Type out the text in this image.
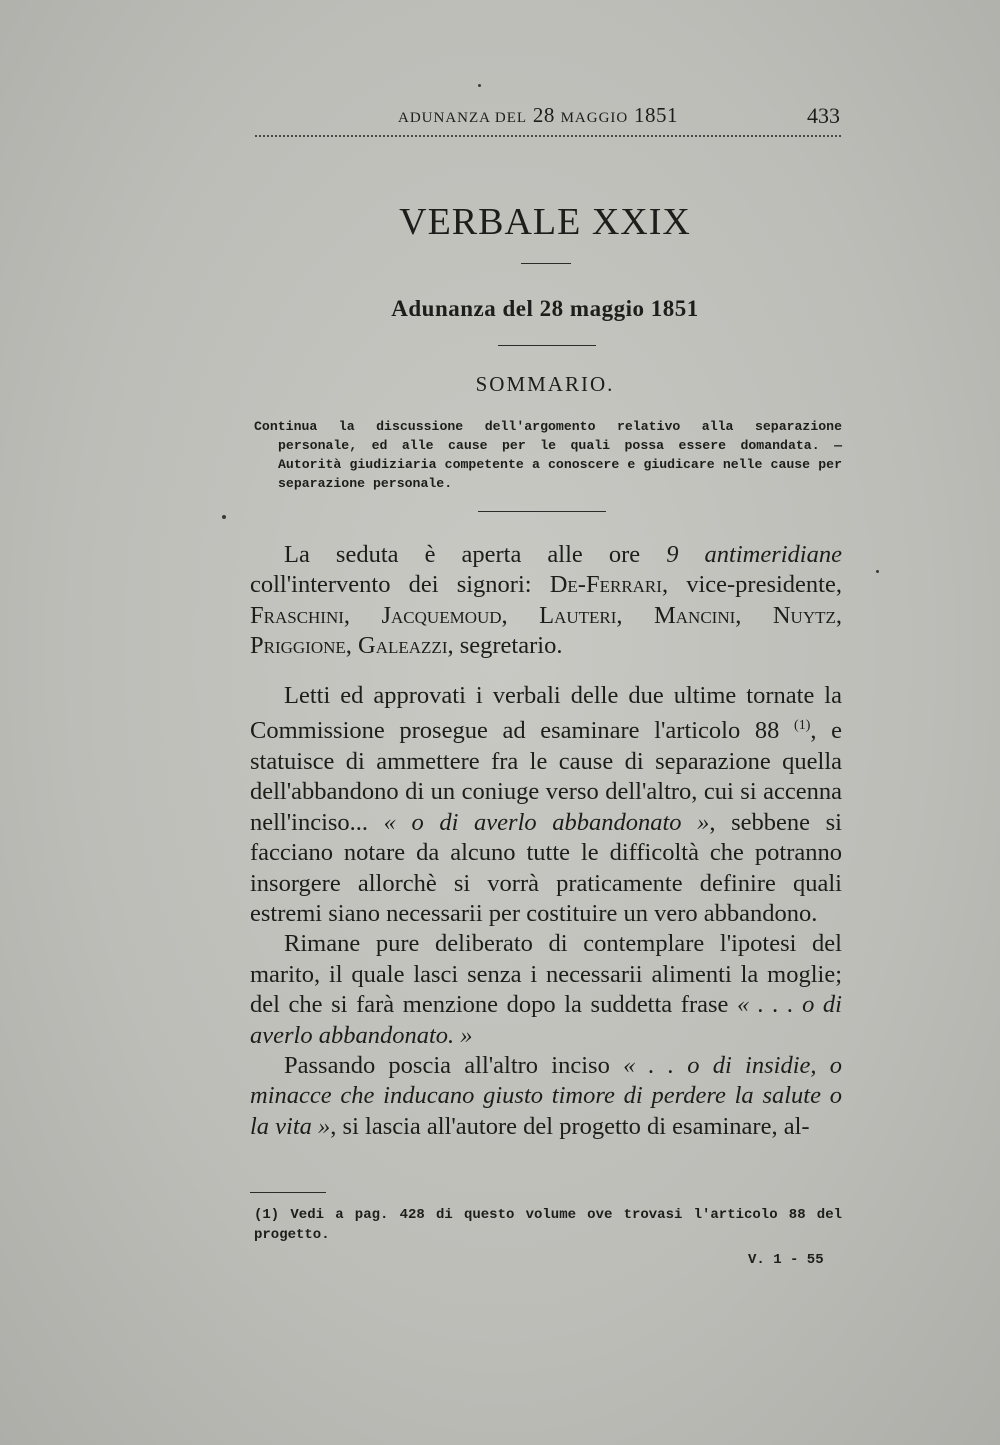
ADUNANZA DEL 28 MAGGIO 1851	433
VERBALE XXIX
Adunanza del 28 maggio 1851
SOMMARIO.
Continua la discussione dell'argomento relativo alla separazione personale, ed alle cause per le quali possa essere domandata. — Autorità giudiziaria competente a conoscere e giudicare nelle cause per separazione personale.

La seduta è aperta alle ore 9 antimeridiane coll'intervento dei signori: De-Ferrari, vice-presidente, Fraschini, Jacquemoud, Lauteri, Mancini, Nuytz, Priggione, Galeazzi, segretario.

Letti ed approvati i verbali delle due ultime tornate la Commissione prosegue ad esaminare l'articolo 88 $^{(1)}$, e statuisce di ammettere fra le cause di separazione quella dell'abbandono di un coniuge verso dell'altro, cui si accenna nell'inciso... « o di averlo abbandonato », sebbene si facciano notare da alcuno tutte le difficoltà che potranno insorgere allorchè si vorrà praticamente definire quali estremi siano necessarii per costituire un vero abbandono.

Rimane pure deliberato di contemplare l'ipotesi del marito, il quale lasci senza i necessarii alimenti la moglie; del che si farà menzione dopo la suddetta frase « . . . o di averlo abbandonato. »

Passando poscia all'altro inciso « . . o di insidie, o minacce che inducano giusto timore di perdere la salute o la vita », si lascia all'autore del progetto di esaminare, al-

(1) Vedi a pag. 428 di questo volume ove trovasi l'articolo 88 del progetto.
V. 1 - 55
